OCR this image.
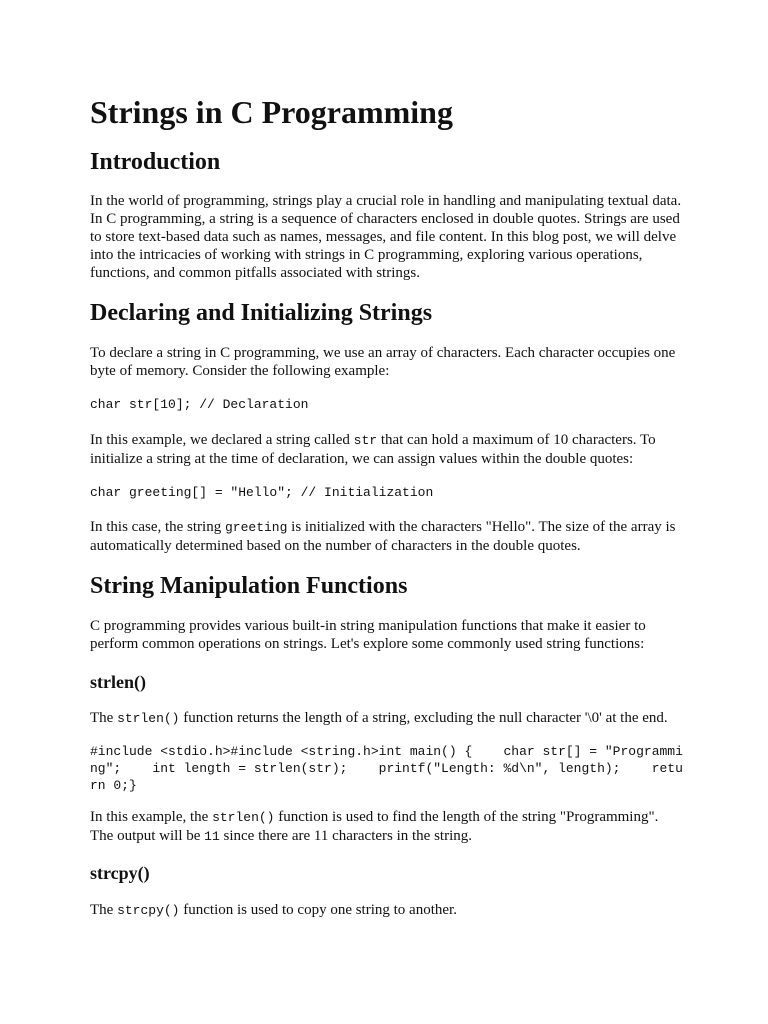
Strings in C Programming
Introduction

In the world of programming, strings play a crucial role in handling and manipulating textual data. In C programming, a string is a sequence of characters enclosed in double quotes. Strings are used to store text-based data such as names, messages, and file content. In this blog post, we will delve into the intricacies of working with strings in C programming, exploring various operations, functions, and common pitfalls associated with strings.

Declaring and Initializing Strings

To declare a string in C programming, we use an array of characters. Each character occupies one byte of memory. Consider the following example:

char str[10]; // Declaration

In this example, we declared a string called str that can hold a maximum of 10 characters. To initialize a string at the time of declaration, we can assign values within the double quotes:

char greeting[] = "Hello"; // Initialization

In this case, the string greeting is initialized with the characters "Hello". The size of the array is automatically determined based on the number of characters in the double quotes.

String Manipulation Functions

C programming provides various built-in string manipulation functions that make it easier to perform common operations on strings. Let's explore some commonly used string functions:

strlen()

The strlen() function returns the length of a string, excluding the null character '\0' at the end.

#include <stdio.h>#include <string.h>int main() {    char str[] = "Programming";    int length = strlen(str);    printf("Length: %d\n", length);    return 0;}

In this example, the strlen() function is used to find the length of the string "Programming". The output will be 11 since there are 11 characters in the string.

strcpy()

The strcpy() function is used to copy one string to another.
